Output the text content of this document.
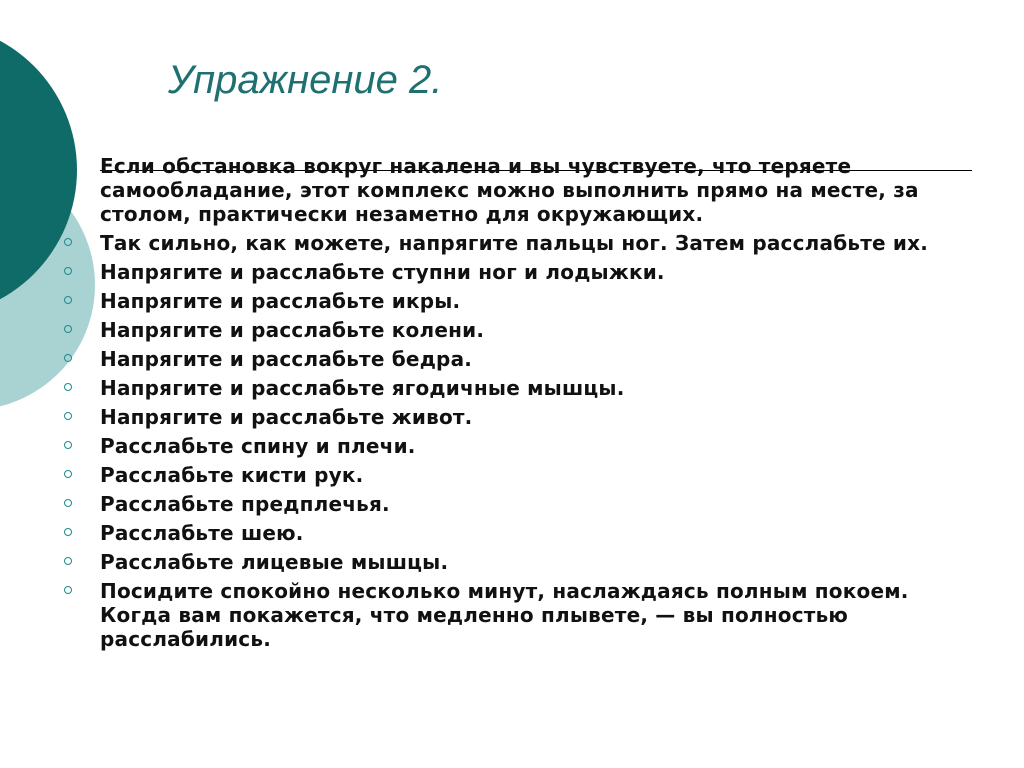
Упражнение 2.
Если обстановка вокруг накалена и вы чувствуете, что теряете самообладание, этот комплекс можно выполнить прямо на месте, за столом, практически незаметно для окружающих.
Так сильно, как можете, напрягите пальцы ног. Затем расслабьте их.
Напрягите и расслабьте ступни ног и лодыжки.
Напрягите и расслабьте икры.
Напрягите и расслабьте колени.
Напрягите и расслабьте бедра.
Напрягите и расслабьте ягодичные мышцы.
Напрягите и расслабьте живот.
Расслабьте спину и плечи.
Расслабьте кисти рук.
Расслабьте предплечья.
Расслабьте шею.
Расслабьте лицевые мышцы.
Посидите спокойно несколько минут, наслаждаясь полным покоем. Когда вам покажется, что медленно плывете, — вы полностью расслабились.
